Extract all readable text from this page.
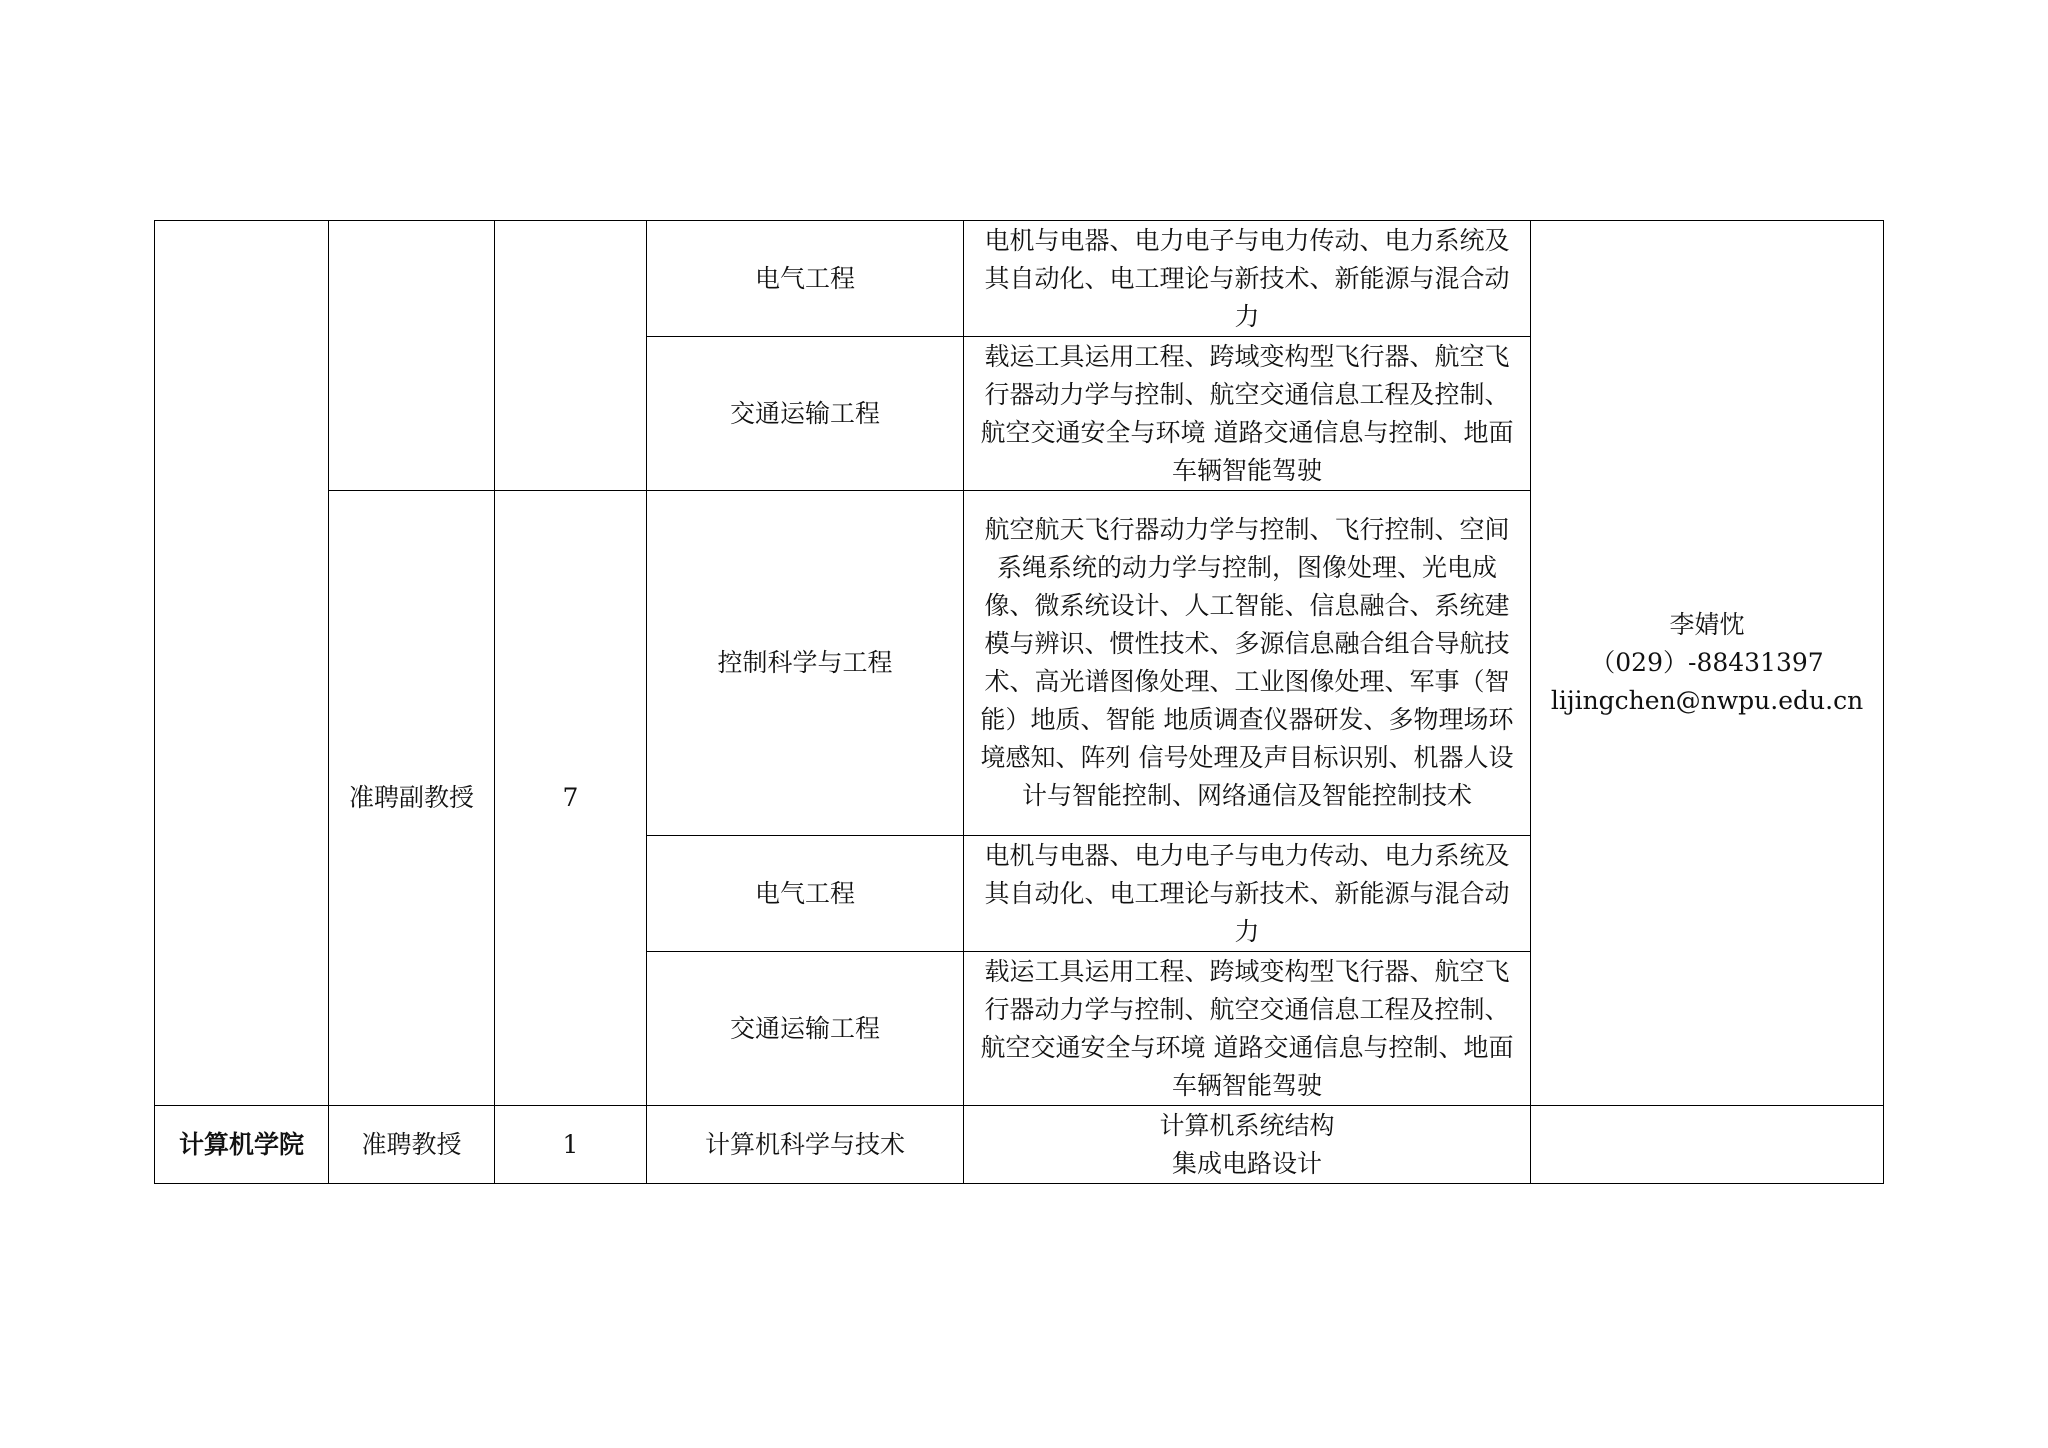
			电气工程	电机与电器、电力电子与电力传动、电力系统及其自动化、电工理论与新技术、新能源与混合动力	李婧忱
（029）-88431397
lijingchen@nwpu.edu.cn

			交通运输工程	载运工具运用工程、跨域变构型飞行器、航空飞行器动力学与控制、航空交通信息工程及控制、航空交通安全与环境 道路交通信息与控制、地面车辆智能驾驶	
	准聘副教授	7	控制科学与工程	航空航天飞行器动力学与控制、飞行控制、空间系绳系统的动力学与控制，图像处理、光电成像、微系统设计、人工智能、信息融合、系统建模与辨识、惯性技术、多源信息融合组合导航技术、高光谱图像处理、工业图像处理、军事（智能）地质、智能 地质调查仪器研发、多物理场环境感知、阵列 信号处理及声目标识别、机器人设计与智能控制、网络通信及智能控制技术	
			电气工程	电机与电器、电力电子与电力传动、电力系统及其自动化、电工理论与新技术、新能源与混合动力	
			交通运输工程	载运工具运用工程、跨域变构型飞行器、航空飞行器动力学与控制、航空交通信息工程及控制、航空交通安全与环境 道路交通信息与控制、地面车辆智能驾驶	
计算机学院	准聘教授	1	计算机科学与技术	计算机系统结构
集成电路设计	
